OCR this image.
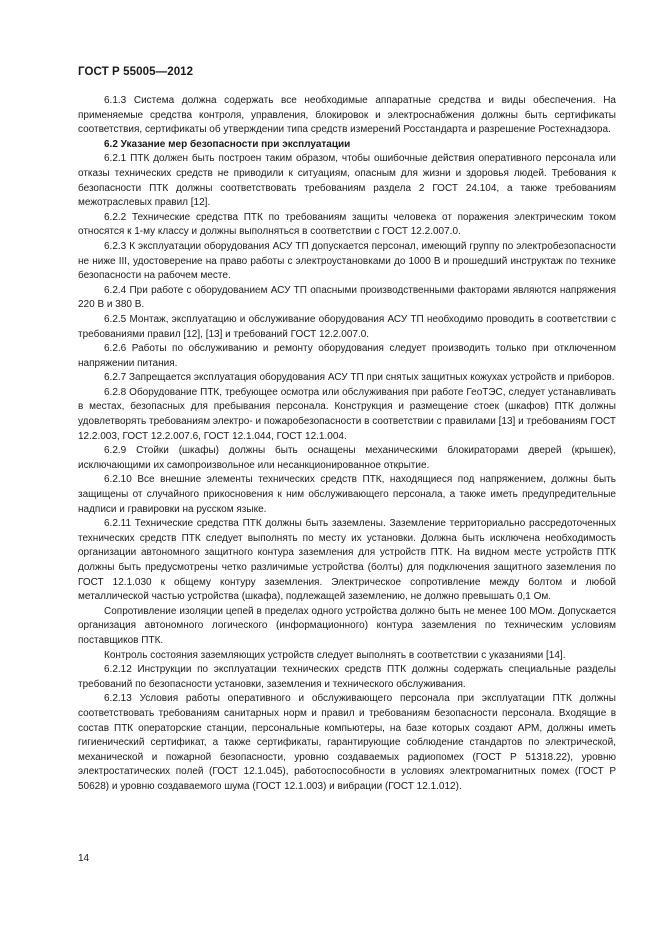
ГОСТ Р 55005—2012

6.1.3 Система должна содержать все необходимые аппаратные средства и виды обеспечения. На применяемые средства контроля, управления, блокировок и электроснабжения должны быть сертификаты соответствия, сертификаты об утверждении типа средств измерений Росстандарта и разрешение Ростехнадзора.

6.2 Указание мер безопасности при эксплуатации

6.2.1 ПТК должен быть построен таким образом, чтобы ошибочные действия оперативного персонала или отказы технических средств не приводили к ситуациям, опасным для жизни и здоровья людей. Требования к безопасности ПТК должны соответствовать требованиям раздела 2 ГОСТ 24.104, а также требованиям межотраслевых правил [12].

6.2.2 Технические средства ПТК по требованиям защиты человека от поражения электрическим током относятся к 1-му классу и должны выполняться в соответствии с ГОСТ 12.2.007.0.

6.2.3 К эксплуатации оборудования АСУ ТП допускается персонал, имеющий группу по электробезопасности не ниже III, удостоверение на право работы с электроустановками до 1000 В и прошедший инструктаж по технике безопасности на рабочем месте.

6.2.4 При работе с оборудованием АСУ ТП опасными производственными факторами являются напряжения 220 В и 380 В.

6.2.5 Монтаж, эксплуатацию и обслуживание оборудования АСУ ТП необходимо проводить в соответствии с требованиями правил [12], [13] и требований ГОСТ 12.2.007.0.

6.2.6 Работы по обслуживанию и ремонту оборудования следует производить только при отключенном напряжении питания.

6.2.7 Запрещается эксплуатация оборудования АСУ ТП при снятых защитных кожухах устройств и приборов.

6.2.8 Оборудование ПТК, требующее осмотра или обслуживания при работе ГеоТЭС, следует устанавливать в местах, безопасных для пребывания персонала. Конструкция и размещение стоек (шкафов) ПТК должны удовлетворять требованиям электро- и пожаробезопасности в соответствии с правилами [13] и требованиям ГОСТ 12.2.003, ГОСТ 12.2.007.6, ГОСТ 12.1.044, ГОСТ 12.1.004.

6.2.9 Стойки (шкафы) должны быть оснащены механическими блокираторами дверей (крышек), исключающими их самопроизвольное или несанкционированное открытие.

6.2.10 Все внешние элементы технических средств ПТК, находящиеся под напряжением, должны быть защищены от случайного прикосновения к ним обслуживающего персонала, а также иметь предупредительные надписи и гравировки на русском языке.

6.2.11 Технические средства ПТК должны быть заземлены. Заземление территориально рассредоточенных технических средств ПТК следует выполнять по месту их установки. Должна быть исключена необходимость организации автономного защитного контура заземления для устройств ПТК. На видном месте устройств ПТК должны быть предусмотрены четко различимые устройства (болты) для подключения защитного заземления по ГОСТ 12.1.030 к общему контуру заземления. Электрическое сопротивление между болтом и любой металлической частью устройства (шкафа), подлежащей заземлению, не должно превышать 0,1 Ом.

Сопротивление изоляции цепей в пределах одного устройства должно быть не менее 100 МОм. Допускается организация автономного логического (информационного) контура заземления по техническим условиям поставщиков ПТК.

Контроль состояния заземляющих устройств следует выполнять в соответствии с указаниями [14].

6.2.12 Инструкции по эксплуатации технических средств ПТК должны содержать специальные разделы требований по безопасности установки, заземления и технического обслуживания.

6.2.13 Условия работы оперативного и обслуживающего персонала при эксплуатации ПТК должны соответствовать требованиям санитарных норм и правил и требованиям безопасности персонала. Входящие в состав ПТК операторские станции, персональные компьютеры, на базе которых создают АРМ, должны иметь гигиенический сертификат, а также сертификаты, гарантирующие соблюдение стандартов по электрической, механической и пожарной безопасности, уровню создаваемых радиопомех (ГОСТ Р 51318.22), уровню электростатических полей (ГОСТ 12.1.045), работоспособности в условиях электромагнитных помех (ГОСТ Р 50628) и уровню создаваемого шума (ГОСТ 12.1.003) и вибрации (ГОСТ 12.1.012).

14
